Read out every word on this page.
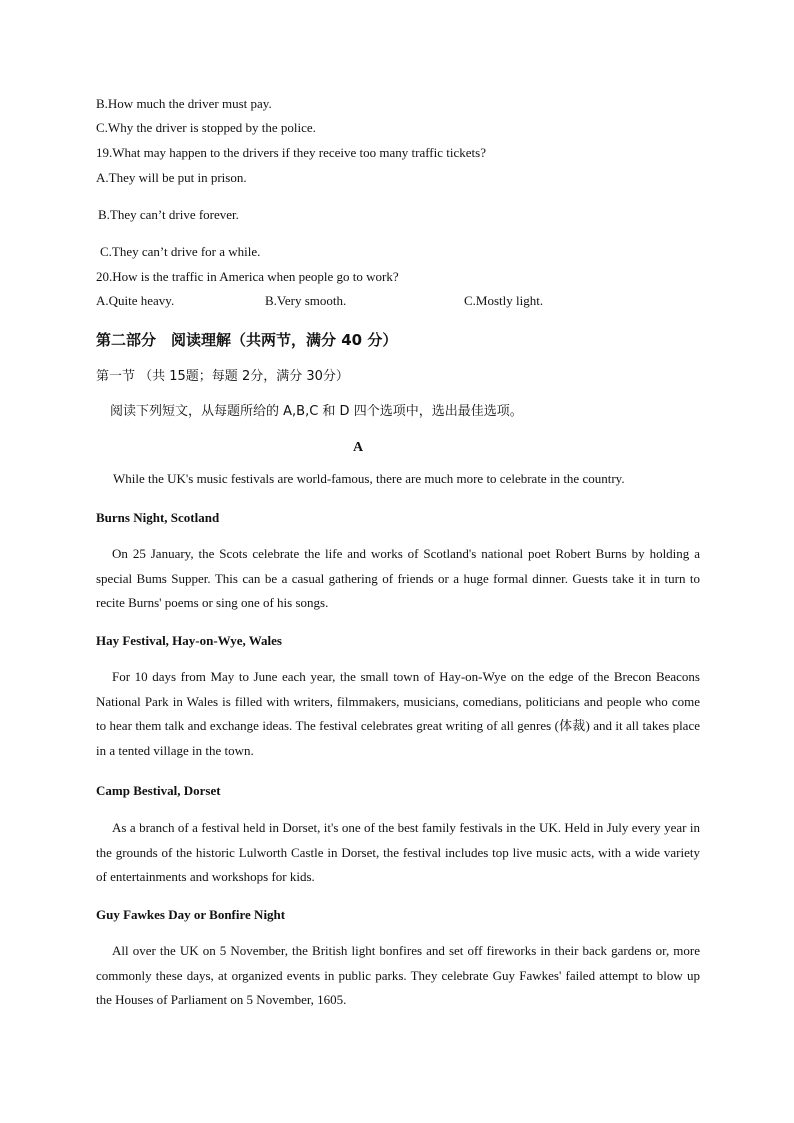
B.How much the driver must pay.
C.Why the driver is stopped by the police.
19.What may happen to the drivers if they receive too many traffic tickets?
A.They will be put in prison.
B.They can’t drive forever.
C.They can’t drive for a while.
20.How is the traffic in America when people go to work?
A.Quite heavy.	B.Very smooth.	C.Mostly light.
第二部分　阅读理解（共两节，满分 40 分）
第一节 （共 15题；每题 2分，满分 30分）
阅读下列短文，从每题所给的 A,B,C 和 D 四个选项中，选出最佳选项。
A
While the UK's music festivals are world-famous, there are much more to celebrate in the country.
Burns Night, Scotland
On 25 January, the Scots celebrate the life and works of Scotland's national poet Robert Burns by holding a special Bums Supper. This can be a casual gathering of friends or a huge formal dinner. Guests take it in turn to recite Burns' poems or sing one of his songs.
Hay Festival, Hay-on-Wye, Wales
For 10 days from May to June each year, the small town of Hay-on-Wye on the edge of the Brecon Beacons National Park in Wales is filled with writers, filmmakers, musicians, comedians, politicians and people who come to hear them talk and exchange ideas. The festival celebrates great writing of all genres (体裁) and it all takes place in a tented village in the town.
Camp Bestival, Dorset
As a branch of a festival held in Dorset, it's one of the best family festivals in the UK. Held in July every year in the grounds of the historic Lulworth Castle in Dorset, the festival includes top live music acts, with a wide variety of entertainments and workshops for kids.
Guy Fawkes Day or Bonfire Night
All over the UK on 5 November, the British light bonfires and set off fireworks in their back gardens or, more commonly these days, at organized events in public parks. They celebrate Guy Fawkes' failed attempt to blow up the Houses of Parliament on 5 November, 1605.
